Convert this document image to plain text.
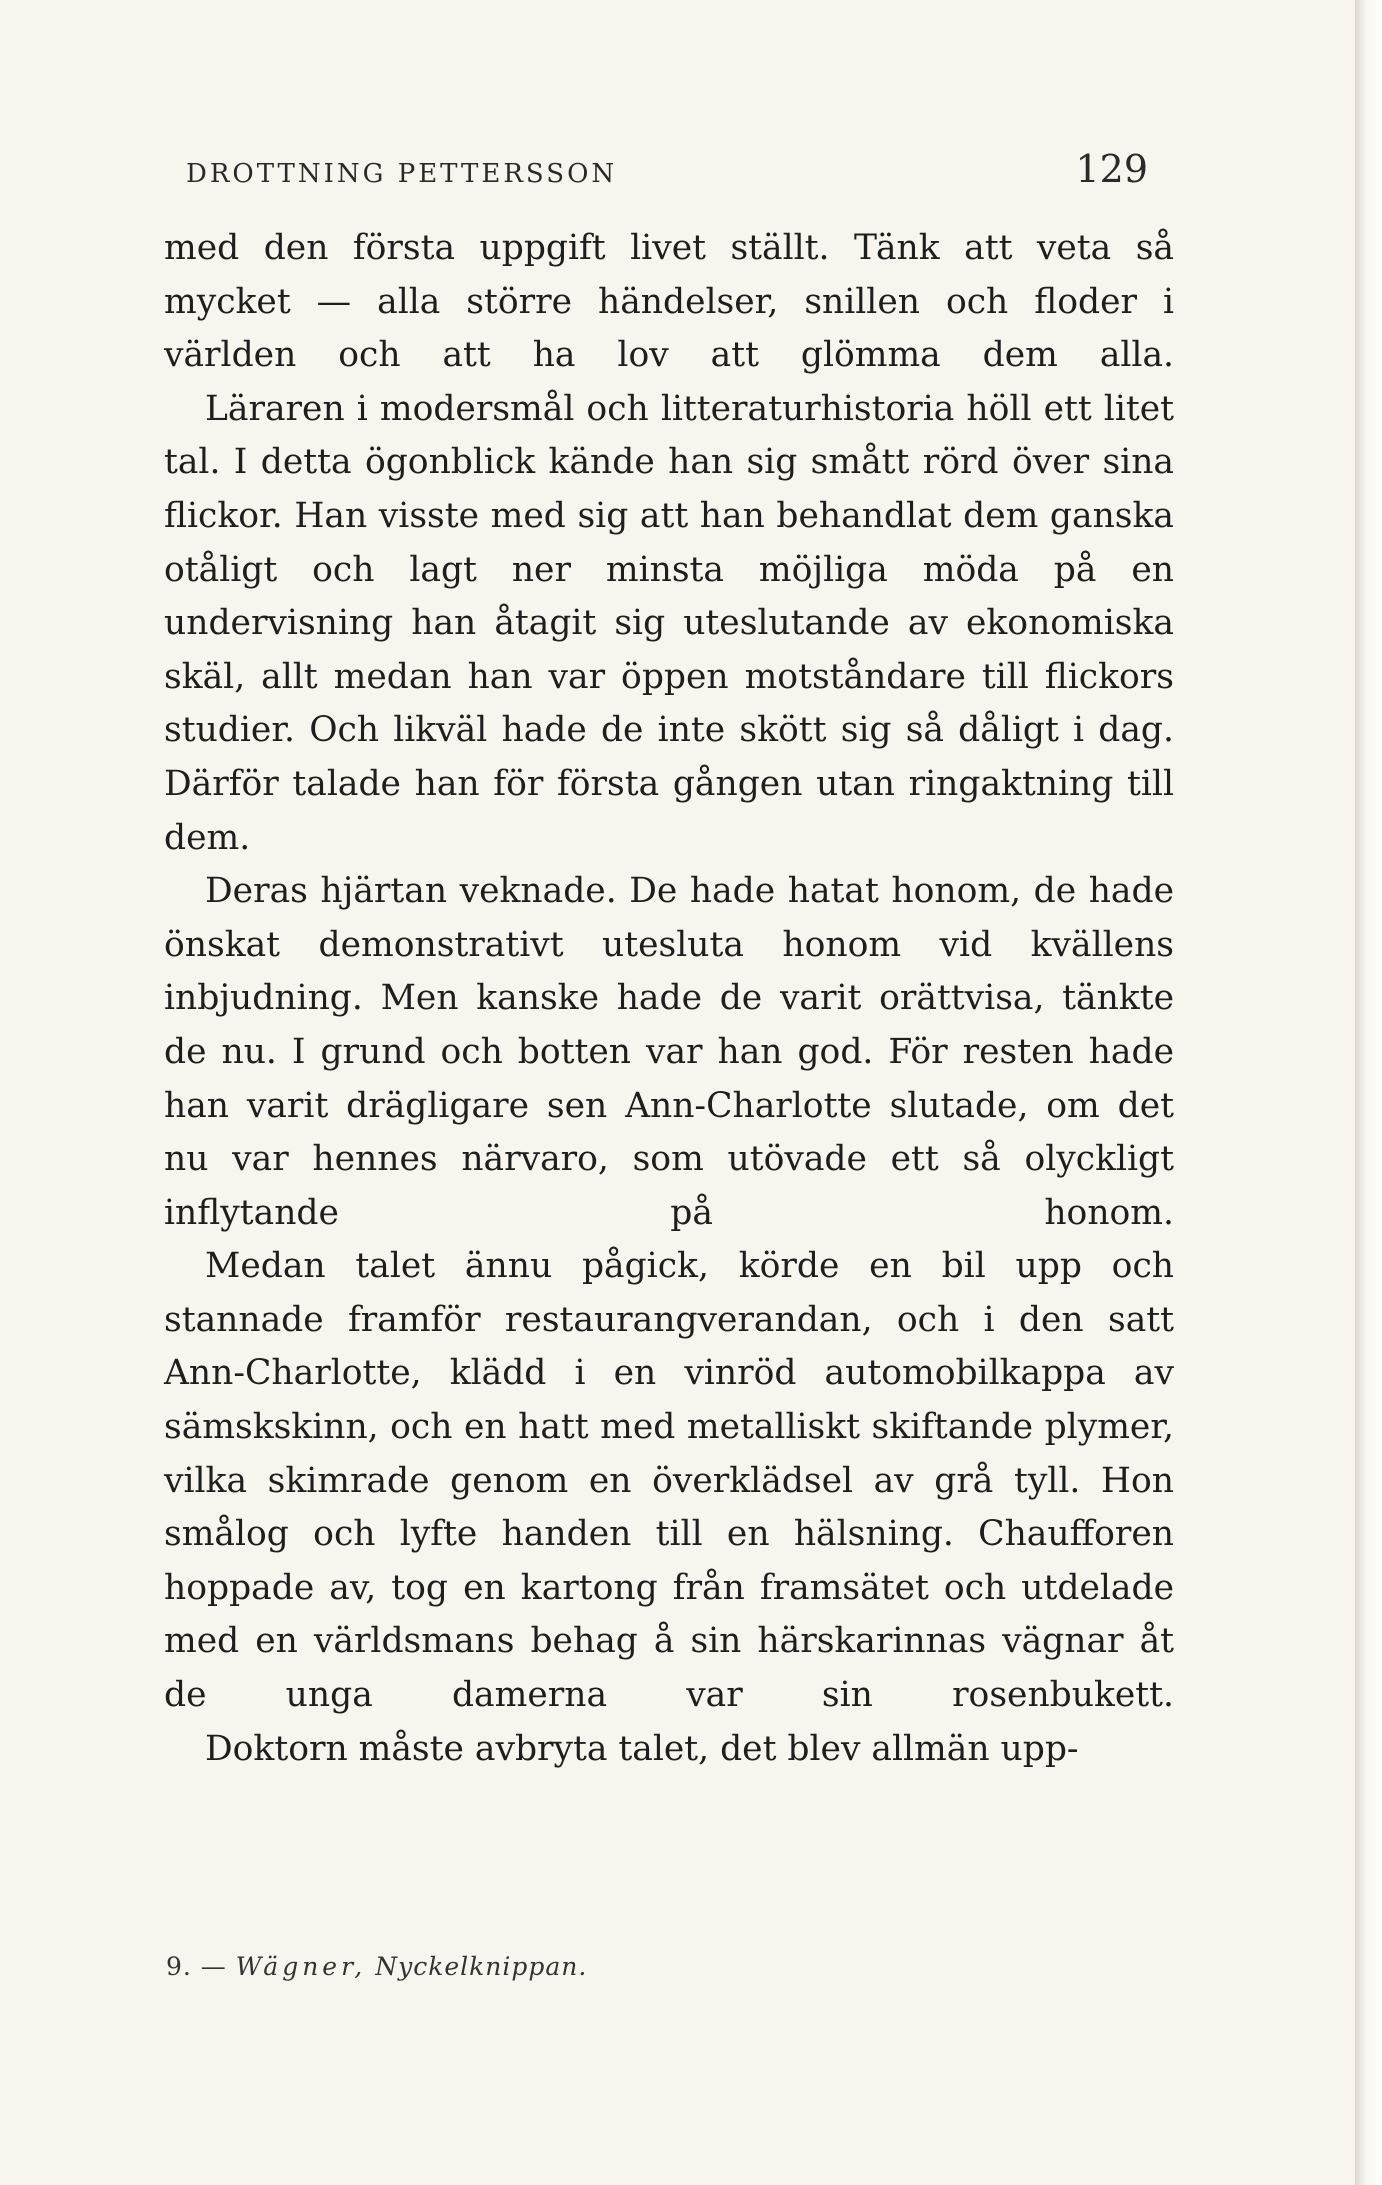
DROTTNING PETTERSSON	129

med den första uppgift livet ställt. Tänk att veta så mycket — alla större händelser, snillen och floder i världen och att ha lov att glömma dem alla.

Läraren i modersmål och litteraturhistoria höll ett litet tal. I detta ögonblick kände han sig smått rörd över sina flickor. Han visste med sig att han behandlat dem ganska otåligt och lagt ner minsta möjliga möda på en undervisning han åtagit sig uteslutande av ekonomiska skäl, allt medan han var öppen motståndare till flickors studier. Och likväl hade de inte skött sig så dåligt i dag. Därför talade han för första gången utan ringaktning till dem.

Deras hjärtan veknade. De hade hatat honom, de hade önskat demonstrativt utesluta honom vid kvällens inbjudning. Men kanske hade de varit orättvisa, tänkte de nu. I grund och botten var han god. För resten hade han varit drägligare sen Ann-Charlotte slutade, om det nu var hennes närvaro, som utövade ett så olyckligt inflytande på honom.

Medan talet ännu pågick, körde en bil upp och stannade framför restaurangverandan, och i den satt Ann-Charlotte, klädd i en vinröd automobilkappa av sämskskinn, och en hatt med metalliskt skiftande plymer, vilka skimrade genom en överklädsel av grå tyll. Hon smålog och lyfte handen till en hälsning. Chaufforen hoppade av, tog en kartong från framsätet och utdelade med en världsmans behag å sin härskarinnas vägnar åt de unga damerna var sin rosenbukett.

Doktorn måste avbryta talet, det blev allmän upp-

9. — Wägner, Nyckelknippan.
